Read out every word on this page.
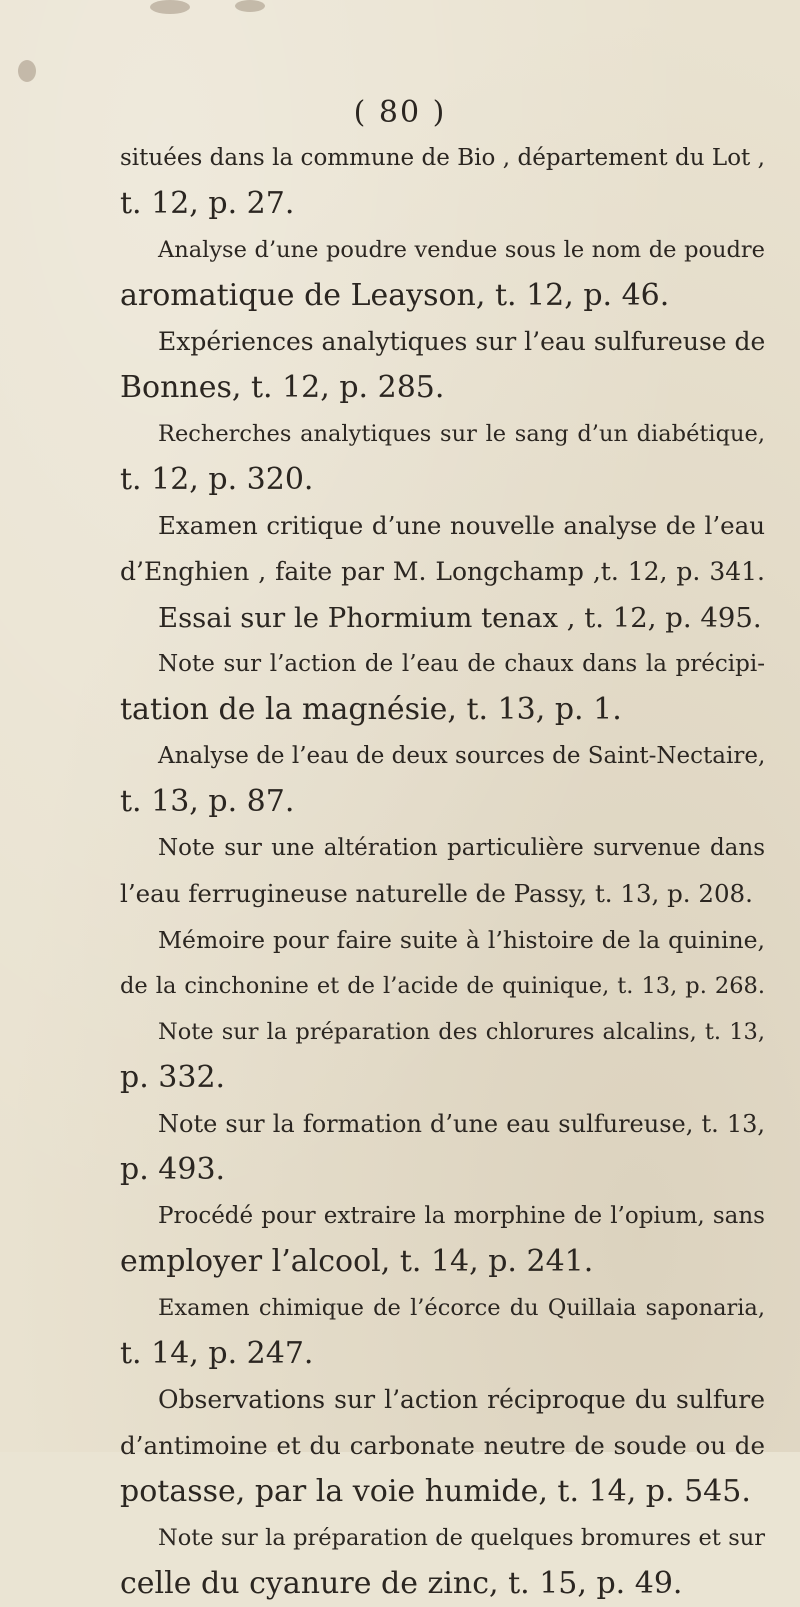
( 80 )
situées dans la commune de Bio , département du Lot ,
t. 12, p. 27.
Analyse d’une poudre vendue sous le nom de poudre
aromatique de Leayson, t. 12, p. 46.
Expériences analytiques sur l’eau sulfureuse de
Bonnes, t. 12, p. 285.
Recherches analytiques sur le sang d’un diabétique,
t. 12, p. 320.
Examen critique d’une nouvelle analyse de l’eau
d’Enghien , faite par M. Longchamp ,t. 12, p. 341.
Essai sur le Phormium tenax , t. 12, p. 495.
Note sur l’action de l’eau de chaux dans la précipi-
tation de la magnésie, t. 13, p. 1.
Analyse de l’eau de deux sources de Saint-Nectaire,
t. 13, p. 87.
Note sur une altération particulière survenue dans
l’eau ferrugineuse naturelle de Passy, t. 13, p. 208.
Mémoire pour faire suite à l’histoire de la quinine,
de la cinchonine et de l’acide de quinique, t. 13, p. 268.
Note sur la préparation des chlorures alcalins, t. 13,
p. 332.
Note sur la formation d’une eau sulfureuse, t. 13,
p. 493.
Procédé pour extraire la morphine de l’opium, sans
employer l’alcool, t. 14, p. 241.
Examen chimique de l’écorce du Quillaia saponaria,
t. 14, p. 247.
Observations sur l’action réciproque du sulfure
d’antimoine et du carbonate neutre de soude ou de
potasse, par la voie humide, t. 14, p. 545.
Note sur la préparation de quelques bromures et sur
celle du cyanure de zinc, t. 15, p. 49.
